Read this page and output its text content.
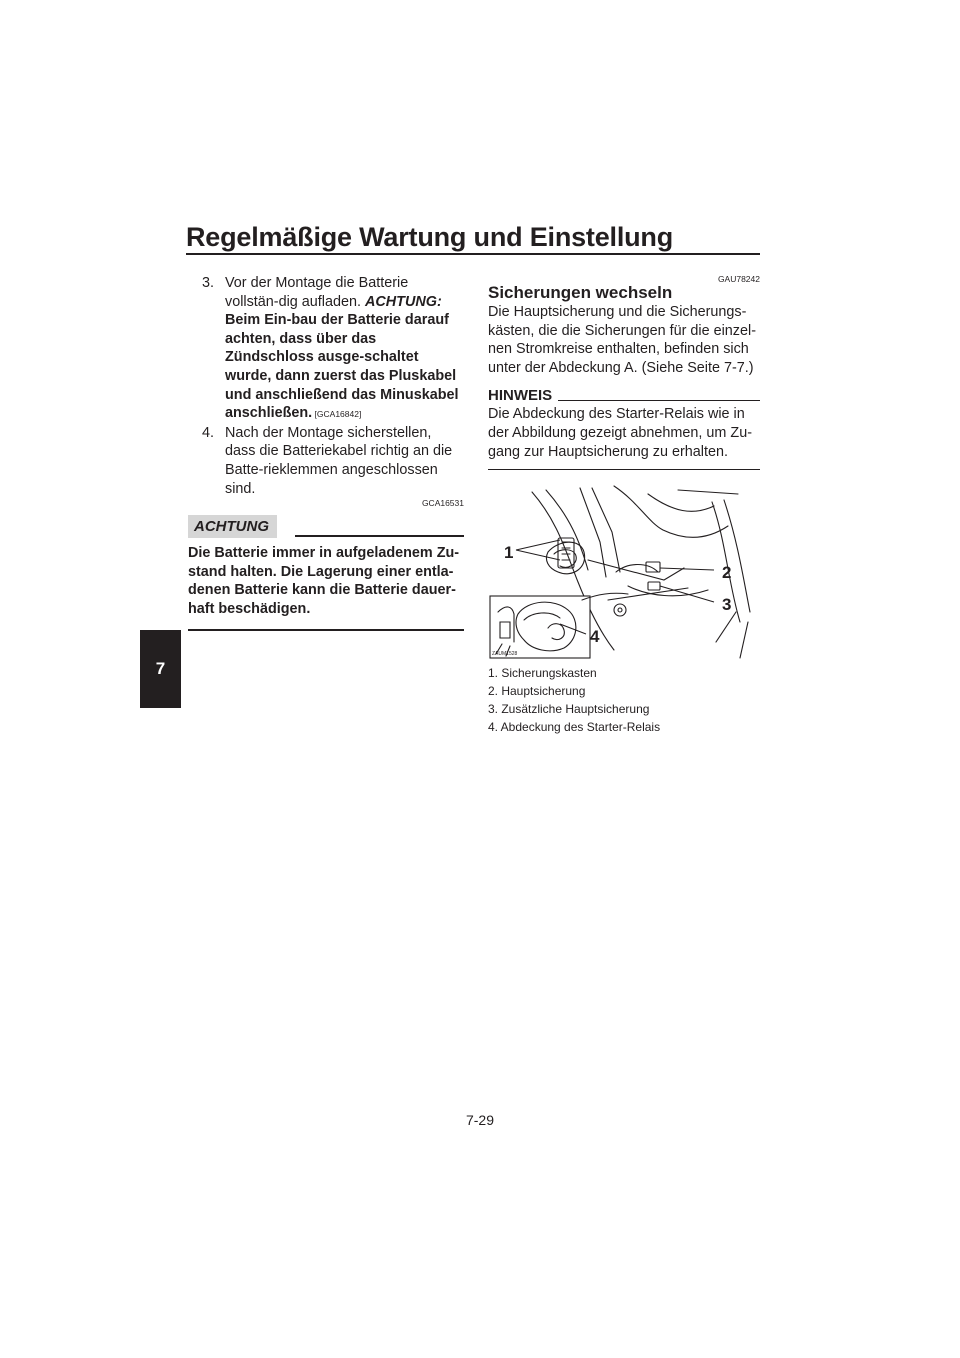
Regelmäßige Wartung und Einstellung
7
3. Vor der Montage die Batterie vollstän-dig aufladen. ACHTUNG: Beim Ein-bau der Batterie darauf achten, dass über das Zündschloss ausge-schaltet wurde, dann zuerst das Pluskabel und anschließend das Minuskabel anschließen. [GCA16842]
4. Nach der Montage sicherstellen, dass die Batteriekabel richtig an die Batte-rieklemmen angeschlossen sind.
GCA16531
ACHTUNG
Die Batterie immer in aufgeladenem Zu-stand halten. Die Lagerung einer entla-denen Batterie kann die Batterie dauer-haft beschädigen.
GAU78242
Sicherungen wechseln
Die Hauptsicherung und die Sicherungs-kästen, die die Sicherungen für die einzel-nen Stromkreise enthalten, befinden sich unter der Abdeckung A. (Siehe Seite 7-7.)
HINWEIS
Die Abdeckung des Starter-Relais wie in der Abbildung gezeigt abnehmen, um Zu-gang zur Hauptsicherung zu erhalten.
1
2
3
4
ZAUM1528
1. Sicherungskasten
2. Hauptsicherung
3. Zusätzliche Hauptsicherung
4. Abdeckung des Starter-Relais
7-29
